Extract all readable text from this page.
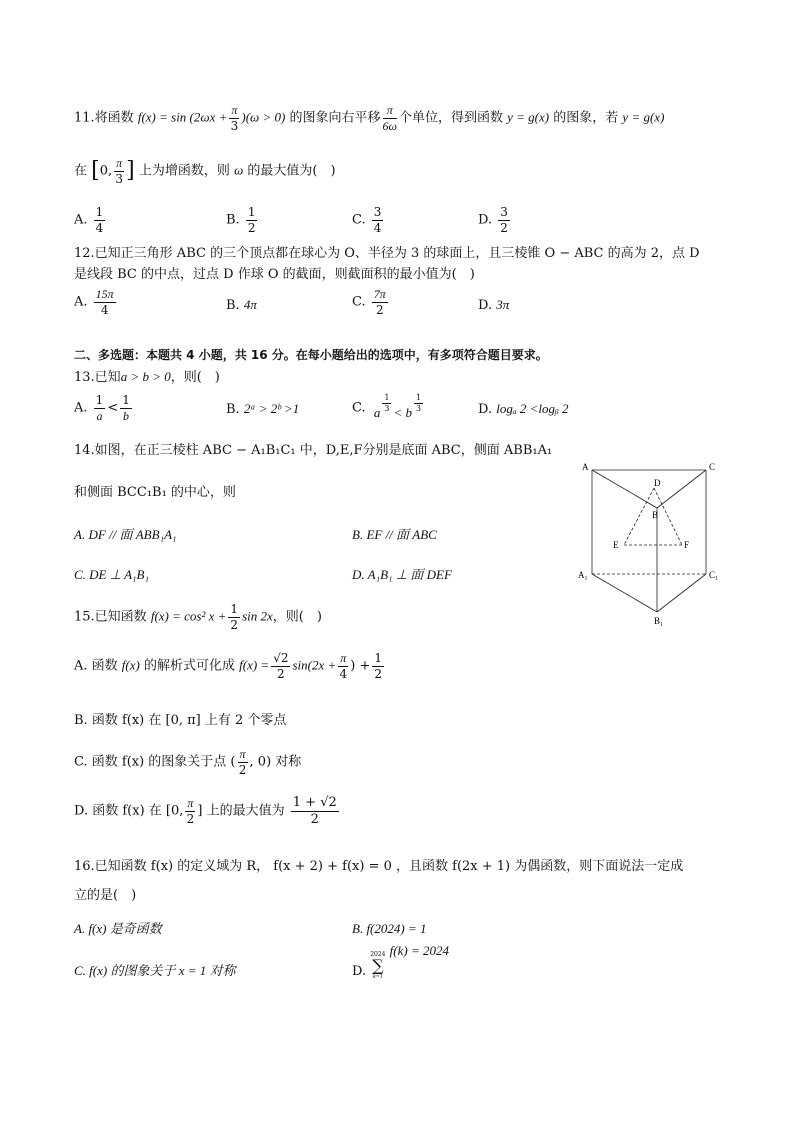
11.将函数 $f(x) = \sin (2\omega x + \frac{\pi}{3} )(\omega > 0)$ 的图象向右平移 $\frac{\pi}{6\omega}$ 个单位，得到函数 y = g(x) 的图象，若 y = g(x)
在 [0, $\frac{\pi}{3}$ ] 上为增函数，则 ω 的最大值为(　)
A. $\frac{1}{4}$	B. $\frac{1}{2}$	C. $\frac{3}{4}$	D. $\frac{3}{2}$
12.已知正三角形 ABC 的三个顶点都在球心为 O、半径为 3 的球面上，且三棱锥 O − ABC 的高为 2，点 D
是线段 BC 的中点，过点 D 作球 O 的截面，则截面积的最小值为(　)
A. $\frac{15\pi}{4}$	B. 4π	C. $\frac{7\pi}{2}$	D. 3π
二、多选题：本题共 4 小题，共 16 分。在每小题给出的选项中，有多项符合题目要求。
13.已知a > b > 0，则(　)
A. $\frac{1}{a} < \frac{1}{b}$	B. 2ᵃ > 2ᵇ >1	C. a $\frac{1}{3} < b \frac{1}{3}$	D. logₐ 2 <logᵦ 2
14.如图，在正三棱柱 ABC − A₁B₁C₁ 中，D,E,F分别是底面 ABC，侧面 ABB₁A₁
和侧面 BCC₁B₁ 的中心，则
A. DF // 面 ABB₁A₁	B. EF // 面 ABC
C. DE ⊥ A₁B₁	D. A₁B₁ ⊥ 面 DEF
A	C
D
B
E	F
A₁	C₁
B₁
15.已知函数 f(x) = cos² $x + \frac{1}{2}$ sin 2x，则(　)
A. 函数 f(x) 的解析式可化成 $f(x) = \frac{√2}{2} \sin(2x + \frac{\pi}{4}$ ) + $\frac{1}{2}$
B. 函数 f(x) 在 [0, π] 上有 2 个零点
C. 函数 f(x) 的图象关于点 ( $\frac{\pi}{2}$ , 0) 对称
D. 函数 f(x) 在 [0, $\frac{\pi}{2}$ ] 上的最大值为 $\frac{1 + √2}{2}$
16.已知函数 f(x) 的定义域为 R， f(x + 2) + f(x) = 0 ，且函数 f(2x + 1) 为偶函数，则下面说法一定成
立的是(　)
A. f(x) 是奇函数	B. f(2024) = 1
C. f(x) 的图象关于 x = 1 对称	D.
2024
∑
k=1
f(k) = 2024
